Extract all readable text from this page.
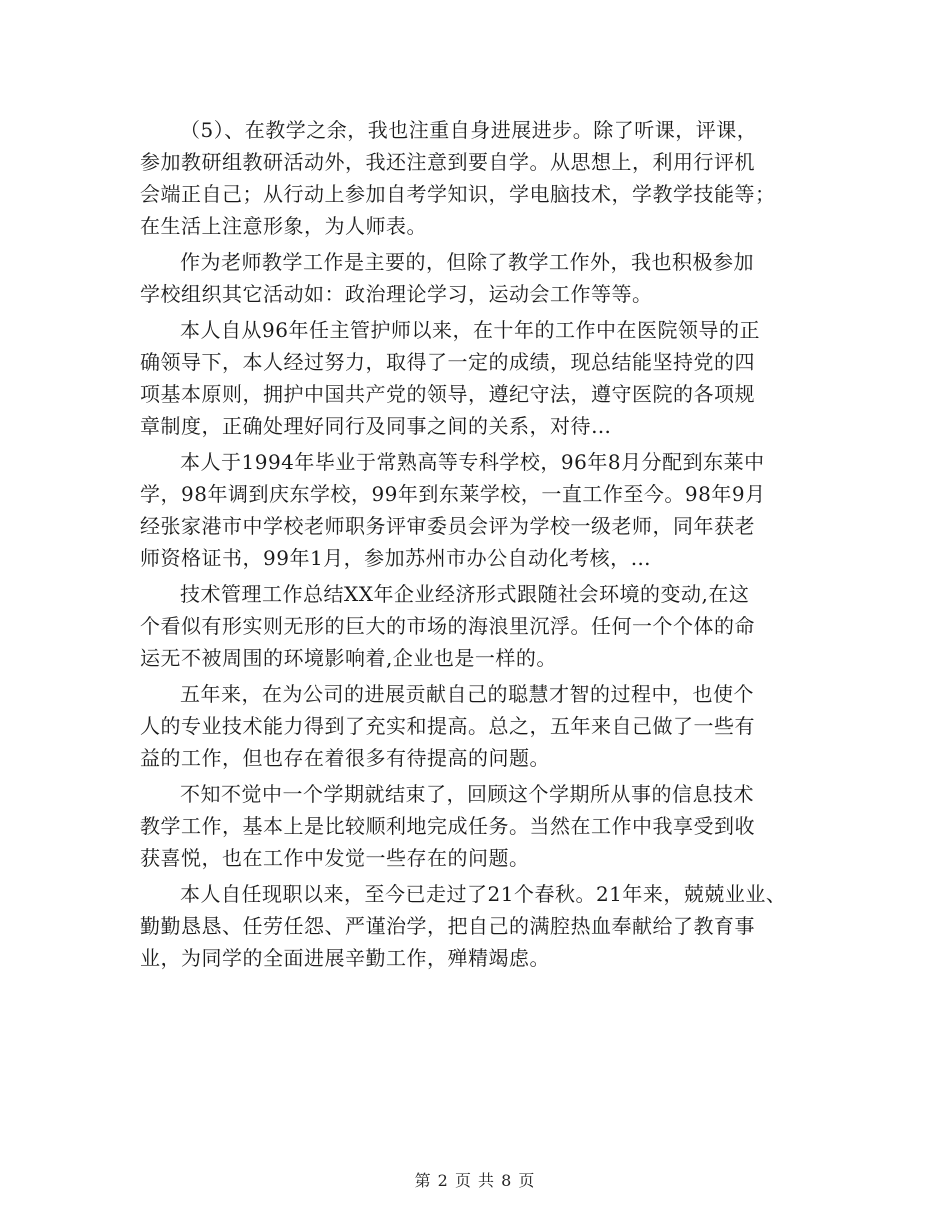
（5）、在教学之余，我也注重自身进展进步。除了听课，评课，
参加教研组教研活动外，我还注意到要自学。从思想上，利用行评机
会端正自己；从行动上参加自考学知识，学电脑技术，学教学技能等；
在生活上注意形象，为人师表。
作为老师教学工作是主要的，但除了教学工作外，我也积极参加
学校组织其它活动如：政治理论学习，运动会工作等等。
本人自从96年任主管护师以来，在十年的工作中在医院领导的正
确领导下，本人经过努力，取得了一定的成绩，现总结能坚持党的四
项基本原则，拥护中国共产党的领导，遵纪守法，遵守医院的各项规
章制度，正确处理好同行及同事之间的关系，对待…
本人于1994年毕业于常熟高等专科学校，96年8月分配到东莱中
学，98年调到庆东学校，99年到东莱学校，一直工作至今。98年9月
经张家港市中学校老师职务评审委员会评为学校一级老师，同年获老
师资格证书，99年1月，参加苏州市办公自动化考核，…
技术管理工作总结XX年企业经济形式跟随社会环境的变动,在这
个看似有形实则无形的巨大的市场的海浪里沉浮。任何一个个体的命
运无不被周围的环境影响着,企业也是一样的。
五年来，在为公司的进展贡献自己的聪慧才智的过程中，也使个
人的专业技术能力得到了充实和提高。总之，五年来自己做了一些有
益的工作，但也存在着很多有待提高的问题。
不知不觉中一个学期就结束了，回顾这个学期所从事的信息技术
教学工作，基本上是比较顺利地完成任务。当然在工作中我享受到收
获喜悦，也在工作中发觉一些存在的问题。
本人自任现职以来，至今已走过了21个春秋。21年来，兢兢业业、
勤勤恳恳、任劳任怨、严谨治学，把自己的满腔热血奉献给了教育事
业，为同学的全面进展辛勤工作，殚精竭虑。
第 2 页 共 8 页
